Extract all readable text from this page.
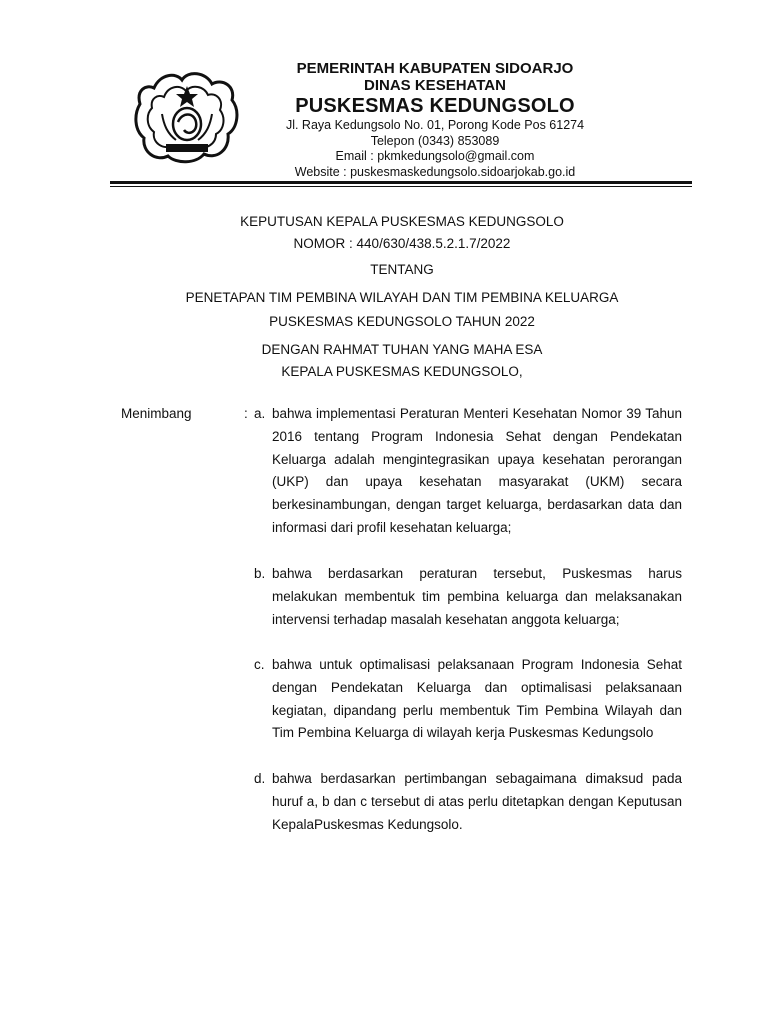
PEMERINTAH KABUPATEN SIDOARJO
DINAS KESEHATAN
PUSKESMAS KEDUNGSOLO
Jl. Raya Kedungsolo No. 01, Porong Kode Pos 61274
Telepon (0343) 853089
Email : pkmkedungsolo@gmail.com
Website : puskesmaskedungsolo.sidoarjokab.go.id
KEPUTUSAN KEPALA PUSKESMAS KEDUNGSOLO
NOMOR : 440/630/438.5.2.1.7/2022
TENTANG
PENETAPAN TIM PEMBINA WILAYAH DAN TIM PEMBINA KELUARGA
PUSKESMAS KEDUNGSOLO TAHUN 2022
DENGAN RAHMAT TUHAN YANG MAHA ESA
KEPALA PUSKESMAS KEDUNGSOLO,
Menimbang	: a. bahwa implementasi Peraturan Menteri Kesehatan Nomor 39 Tahun 2016 tentang Program Indonesia Sehat dengan Pendekatan Keluarga adalah mengintegrasikan upaya kesehatan perorangan (UKP) dan upaya kesehatan masyarakat (UKM) secara berkesinambungan, dengan target keluarga, berdasarkan data dan informasi dari profil kesehatan keluarga;
b. bahwa berdasarkan peraturan tersebut, Puskesmas harus melakukan membentuk tim pembina keluarga dan melaksanakan intervensi terhadap masalah kesehatan anggota keluarga;
c. bahwa untuk optimalisasi pelaksanaan Program Indonesia Sehat dengan Pendekatan Keluarga dan optimalisasi pelaksanaan kegiatan, dipandang perlu membentuk Tim Pembina Wilayah dan Tim Pembina Keluarga di wilayah kerja Puskesmas Kedungsolo
d. bahwa berdasarkan pertimbangan sebagaimana dimaksud pada huruf a, b dan c tersebut di atas perlu ditetapkan dengan Keputusan KepalaPuskesmas Kedungsolo.
